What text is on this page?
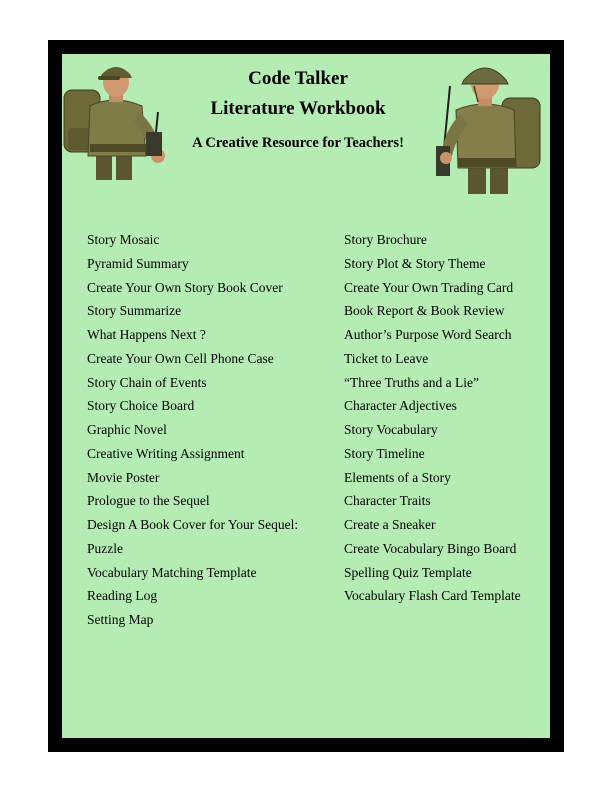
Code Talker
Literature Workbook
A Creative Resource for Teachers!
Story Mosaic
Pyramid Summary
Create Your Own Story Book Cover
Story Summarize
What Happens Next ?
Create Your Own Cell Phone Case
Story Chain of Events
Story Choice Board
Graphic Novel
Creative Writing Assignment
Movie Poster
Prologue to the Sequel
Design A Book Cover for Your Sequel:
Puzzle
Vocabulary Matching Template
Reading Log
Setting Map
Story Brochure
Story Plot & Story Theme
Create Your Own Trading Card
Book Report & Book Review
Author’s Purpose Word Search
Ticket to Leave
“Three Truths and a Lie”
Character Adjectives
Story Vocabulary
Story Timeline
Elements of a Story
Character Traits
Create a Sneaker
Create Vocabulary Bingo Board
Spelling Quiz Template
Vocabulary Flash Card Template
